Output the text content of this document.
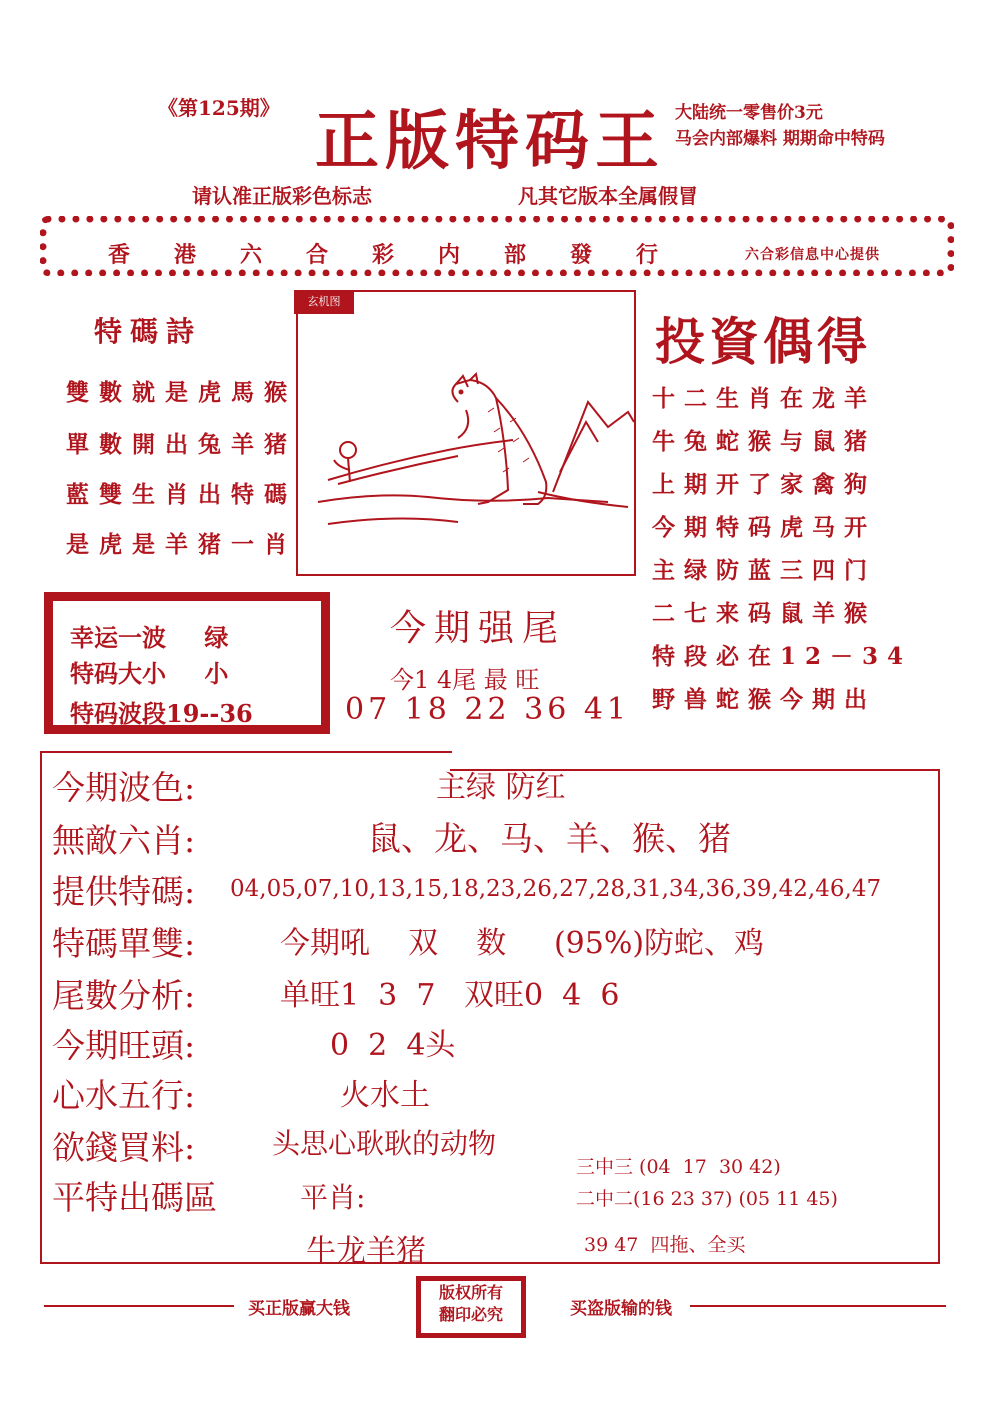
《第125期》 正版特码王 大陆统一零售价3元
马会内部爆料 期期命中特码
请认准正版彩色标志	凡其它版本全属假冒
香港六合彩内部發行	六合彩信息中心提供
特碼詩
雙數就是虎馬猴
單數開出兔羊猪
藍雙生肖出特碼
是虎是羊猪一肖
玄机图
投資偶得
十二生肖在龙羊
牛兔蛇猴与鼠猪
上期开了家禽狗
今期特码虎马开
主绿防蓝三四门
二七来码鼠羊猴
特段必在12－34
野兽蛇猴今期出
幸运一波 绿
特码大小 小
特码波段19--36
今期强尾
今1 4尾 最 旺
07 18 22 36 41
今期波色:	主绿 防红
無敵六肖:	鼠、龙、马、羊、猴、猪
提供特碼: 04,05,07,10,13,15,18,23,26,27,28,31,34,36,39,42,46,47
特碼單雙:	今期吼    双    数     (95%)防蛇、鸡
尾數分析:	单旺1  3  7   双旺0  4  6
今期旺頭:	0  2  4头
心水五行:	火水土
欲錢買料:	头思心耿耿的动物
平特出碼區	平肖:
牛龙羊猪
三中三 (04  17  30 42)
二中二(16 23 37) (05 11 45)
39 47  四拖、全买
买正版赢大钱
版权所有
翻印必究	买盗版输的钱
